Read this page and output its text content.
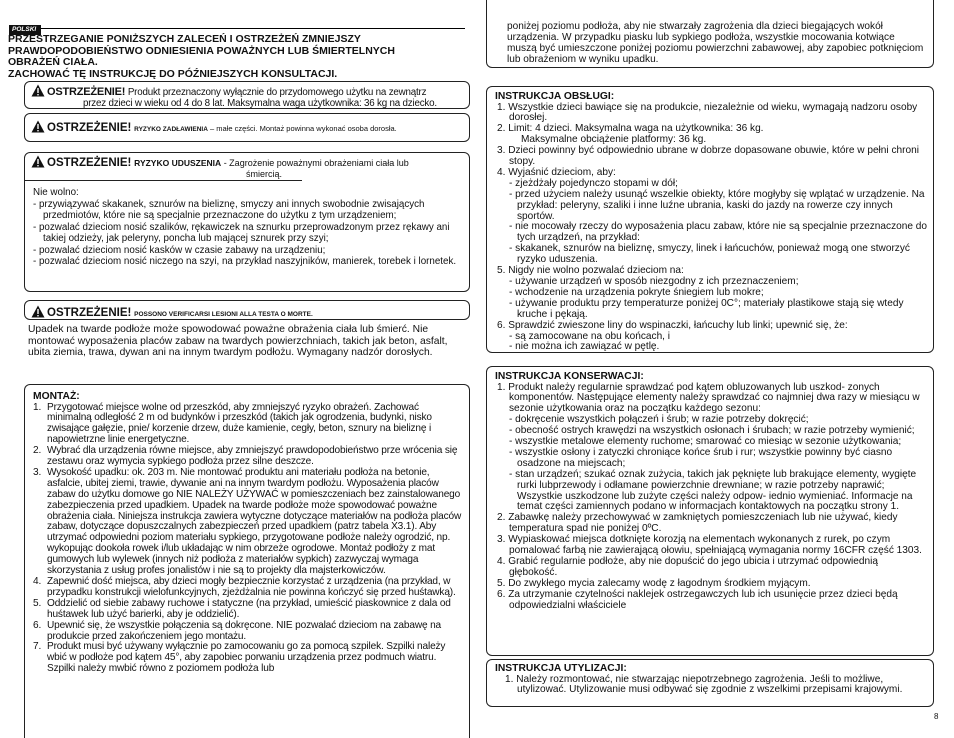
POLSKI
PRZESTRZEGANIE PONIŻSZYCH ZALECEŃ I OSTRZEŻEŃ ZMNIEJSZY
PRAWDOPODOBIEŃSTWO ODNIESIENIA POWAŻNYCH LUB ŚMIERTELNYCH
OBRAŻEŃ CIAŁA.
ZACHOWAĆ TĘ INSTRUKCJĘ DO PÓŹNIEJSZYCH KONSULTACJI.
OSTRZEŻENIE! Produkt przeznaczony wyłącznie do przydomowego użytku na zewnątrz
przez dzieci w wieku od 4 do 8 lat. Maksymalna waga użytkownika: 36 kg na dziecko.
OSTRZEŻENIE! RYZYKO ZADŁAWIENIA – małe części. Montaż powinna wykonać osoba dorosła.
OSTRZEŻENIE! RYZYKO UDUSZENIA - Zagrożenie poważnymi obrażeniami ciała lub
śmiercią.
Nie wolno:
- przywiązywać skakanek, sznurów na bieliznę, smyczy ani innych swobodnie zwisających przedmiotów, które nie są specjalnie przeznaczone do użytku z tym urządzeniem;
- pozwalać dzieciom nosić szalików, rękawiczek na sznurku przeprowadzonym przez rękawy ani takiej odzieży, jak peleryny, poncha lub mającej sznurek przy szyi;
- pozwalać dzieciom nosić kasków w czasie zabawy na urządzeniu;
- pozwalać dzieciom nosić niczego na szyi, na przykład naszyjników, manierek, torebek i lornetek.
OSTRZEŻENIE! POSSONO VERIFICARSI LESIONI ALLA TESTA O MORTE.
Upadek na twarde podłoże może spowodować poważne obrażenia ciała lub śmierć. Nie montować wyposażenia placów zabaw na twardych powierzchniach, takich jak beton, asfalt, ubita ziemia, trawa, dywan ani na innym twardym podłożu. Wymagany nadzór dorosłych.
MONTAŻ:
1. Przygotować miejsce wolne od przeszkód, aby zmniejszyć ryzyko obrażeń. Zachować minimalną odległość 2 m od budynków i przeszkód (takich jak ogrodzenia, budynki, nisko zwisające gałęzie, pnie/ korzenie drzew, duże kamienie, cegły, beton, sznury na bieliznę i napowietrzne linie energetyczne.
2. Wybrać dla urządzenia równe miejsce, aby zmniejszyć prawdopodobieństwo prze wrócenia się zestawu oraz wymycia sypkiego podłoża przez silne deszcze.
3. Wysokość upadku: ok. 203 m. Nie montować produktu ani materiału podłoża na betonie, asfalcie, ubitej ziemi, trawie, dywanie ani na innym twardym podłożu. Wyposażenia placów zabaw do użytku domowe go NIE NALEŻY UŻYWAĆ w pomieszczeniach bez zainstalowanego zabezpieczenia przed upadkiem. Upadek na twarde podłoże może spowodować poważne obrażenia ciała. Niniejsza instrukcja zawiera wytyczne dotyczące materiałów na podłoża placów zabaw, dotyczące dopuszczalnych zabezpieczeń przed upadkiem (patrz tabela X3.1). Aby utrzymać odpowiedni poziom materiału sypkiego, przygotowane podłoże należy ogrodzić, np. wykopując dookoła rowek i/lub układając w nim obrzeże ogrodowe. Montaż podłoży z mat gumowych lub wylewek (innych niż podłoża z materiałów sypkich) zazwyczaj wymaga skorzystania z usług profes jonalistów i nie są to projekty dla majsterkowiczów.
4. Zapewnić dość miejsca, aby dzieci mogły bezpiecznie korzystać z urządzenia (na przykład, w przypadku konstrukcji wielofunkcyjnych, zjeżdżalnia nie powinna kończyć się przed huśtawką).
5. Oddzielić od siebie zabawy ruchowe i statyczne (na przykład, umieścić piaskownice z dala od huśtawek lub użyć barierki, aby je oddzielić).
6. Upewnić się, że wszystkie połączenia są dokręcone. NIE pozwalać dzieciom na zabawę na produkcie przed zakończeniem jego montażu.
7. Produkt musi być używany wyłącznie po zamocowaniu go za pomocą szpilek. Szpilki należy wbić w podłoże pod kątem 45°, aby zapobiec porwaniu urządzenia przez podmuch wiatru. Szpilki należy mwbić równo z poziomem podłoża lub
poniżej poziomu podłoża, aby nie stwarzały zagrożenia dla dzieci biegających wokół urządzenia. W przypadku piasku lub sypkiego podłoża, wszystkie mocowania kotwiące muszą być umieszczone poniżej poziomu powierzchni zabawowej, aby zapobiec potknięciom lub obrażeniom w wyniku upadku.
INSTRUKCJA OBSŁUGI:
1. Wszystkie dzieci bawiące się na produkcie, niezależnie od wieku, wymagają nadzoru osoby dorosłej.
2. Limit: 4 dzieci. Maksymalna waga na użytkownika: 36 kg.
Maksymalne obciążenie platformy: 36 kg.
3. Dzieci powinny być odpowiednio ubrane w dobrze dopasowane obuwie, które w pełni chroni stopy.
4. Wyjaśnić dzieciom, aby:
- zjeżdżały pojedynczo stopami w dół;
- przed użyciem należy usunąć wszelkie obiekty, które mogłyby się wplątać w urządzenie. Na przykład: peleryny, szaliki i inne luźne ubrania, kaski do jazdy na rowerze czy innych sportów.
- nie mocowały rzeczy do wyposażenia placu zabaw, które nie są specjalnie przeznaczone do tych urządzeń, na przykład:
- skakanek, sznurów na bieliznę, smyczy, linek i łańcuchów, ponieważ mogą one stworzyć ryzyko uduszenia.
5. Nigdy nie wolno pozwalać dzieciom na:
- używanie urządzeń w sposób niezgodny z ich przeznaczeniem;
- wchodzenie na urządzenia pokryte śniegiem lub mokre;
- używanie produktu przy temperaturze poniżej 0C°; materiały plastikowe stają się wtedy kruche i pękają.
6. Sprawdzić zwieszone liny do wspinaczki, łańcuchy lub linki; upewnić się, że:
- są zamocowane na obu końcach, i
- nie można ich zawiązać w pętlę.
INSTRUKCJA KONSERWACJI:
1. Produkt należy regularnie sprawdzać pod kątem obluzowanych lub uszkod- zonych komponentów. Następujące elementy należy sprawdzać co najmniej dwa razy w miesiącu w sezonie użytkowania oraz na początku każdego sezonu:
- dokręcenie wszystkich połączeń i śrub; w razie potrzeby dokręcić;
- obecność ostrych krawędzi na wszystkich osłonach i śrubach; w razie potrzeby wymienić;
- wszystkie metalowe elementy ruchome; smarować co miesiąc w sezonie użytkowania;
- wszystkie osłony i zatyczki chroniące końce śrub i rur; wszystkie powinny być ciasno osadzone na miejscach;
- stan urządzeń; szukać oznak zużycia, takich jak pęknięte lub brakujące elementy, wygięte rurki lubprzewody i odłamane powierzchnie drewniane; w razie potrzeby naprawić; Wszystkie uszkodzone lub zużyte części należy odpow- iednio wymieniać. Informacje na temat części zamiennych podano w informacjach kontaktowych na początku strony 1.
2. Zabawkę należy przechowywać w zamkniętych pomieszczeniach lub nie używać, kiedy temperatura spad nie poniżej 0ºC.
3. Wypiaskować miejsca dotknięte korozją na elementach wykonanych z rurek, po czym pomalować farbą nie zawierającą ołowiu, spełniającą wymagania normy 16CFR część 1303.
4. Grabić regularnie podłoże, aby nie dopuścić do jego ubicia i utrzymać odpowiednią głębokość.
5. Do zwykłego mycia zalecamy wodę z łagodnym środkiem myjącym.
6. Za utrzymanie czytelności naklejek ostrzegawczych lub ich usunięcie przez dzieci będą odpowiedzialni właściciele
INSTRUKCJA UTYLIZACJI:
1. Należy rozmontować, nie stwarzając niepotrzebnego zagrożenia. Jeśli to możliwe,
utylizować. Utylizowanie musi odbywać się zgodnie z wszelkimi przepisami krajowymi.
8
